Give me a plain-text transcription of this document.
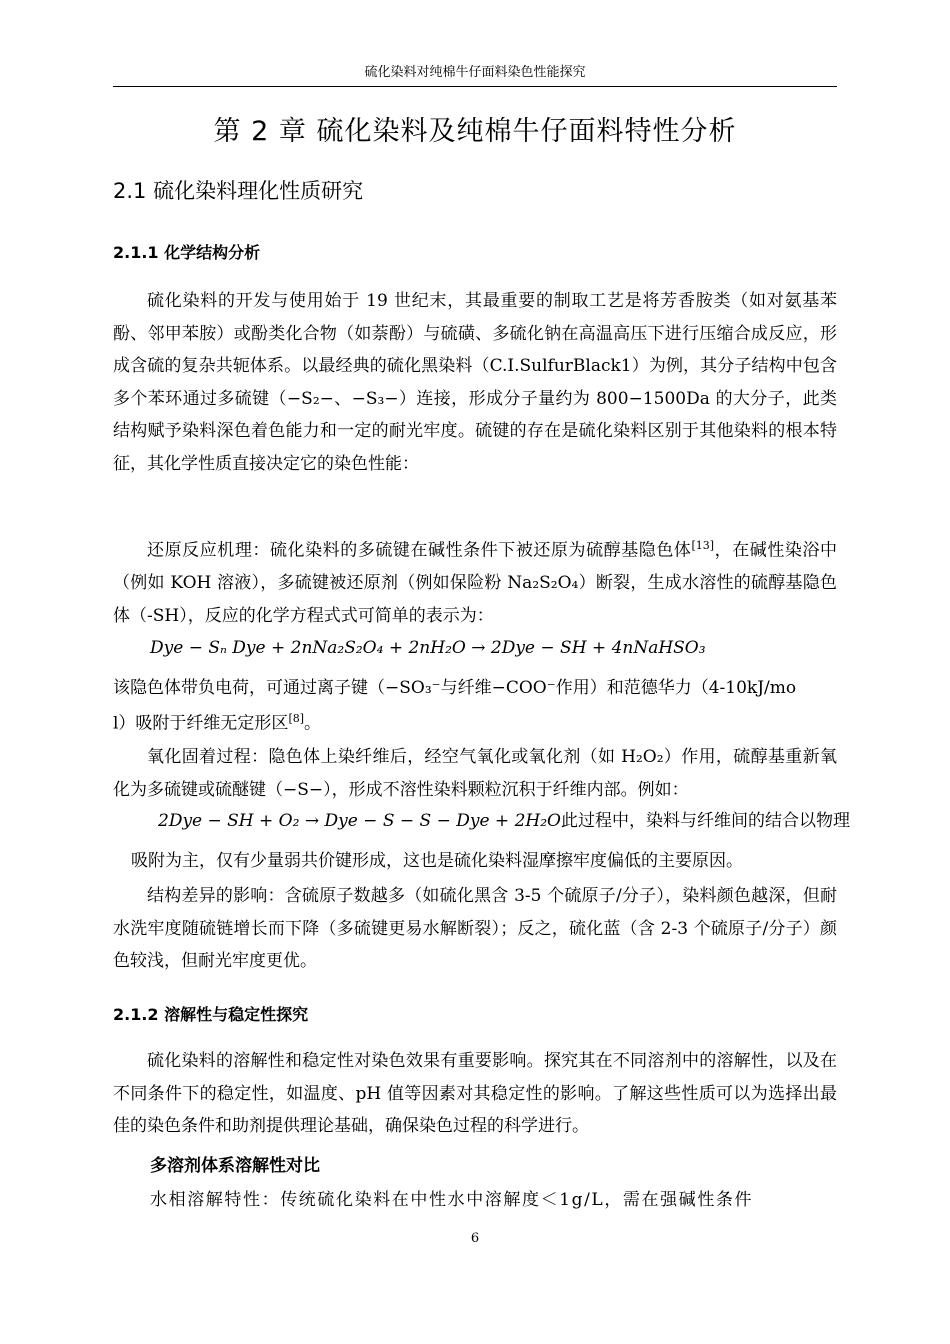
硫化染料对纯棉牛仔面料染色性能探究
第 2 章 硫化染料及纯棉牛仔面料特性分析
2.1 硫化染料理化性质研究
2.1.1 化学结构分析
硫化染料的开发与使用始于 19 世纪末，其最重要的制取工艺是将芳香胺类（如对氨基苯酚、邻甲苯胺）或酚类化合物（如萘酚）与硫磺、多硫化钠在高温高压下进行压缩合成反应，形成含硫的复杂共轭体系。以最经典的硫化黑染料（C.I.SulfurBlack1）为例，其分子结构中包含多个苯环通过多硫键（−S₂−、−S₃−）连接，形成分子量约为 800−1500Da 的大分子，此类结构赋予染料深色着色能力和一定的耐光牢度。硫键的存在是硫化染料区别于其他染料的根本特征，其化学性质直接决定它的染色性能：
还原反应机理：硫化染料的多硫键在碱性条件下被还原为硫醇基隐色体[13]，在碱性染浴中（例如 KOH 溶液），多硫键被还原剂（例如保险粉 Na₂S₂O₄）断裂，生成水溶性的硫醇基隐色体（-SH），反应的化学方程式式可简单的表示为：
Dye − Sₙ Dye + 2nNa₂S₂O₄ + 2nH₂O → 2Dye − SH + 4nNaHSO₃
该隐色体带负电荷，可通过离子键（−SO₃⁻与纤维−COO⁻作用）和范德华力（4-10kJ/mo
l）吸附于纤维无定形区[8]。
氧化固着过程：隐色体上染纤维后，经空气氧化或氧化剂（如 H₂O₂）作用，硫醇基重新氧化为多硫键或硫醚键（−S−），形成不溶性染料颗粒沉积于纤维内部。例如：
2Dye − SH + O₂ → Dye − S − S − Dye + 2H₂O此过程中，染料与纤维间的结合以物理
吸附为主，仅有少量弱共价键形成，这也是硫化染料湿摩擦牢度偏低的主要原因。
结构差异的影响：含硫原子数越多（如硫化黑含 3-5 个硫原子/分子），染料颜色越深，但耐水洗牢度随硫链增长而下降（多硫键更易水解断裂）；反之，硫化蓝（含 2-3 个硫原子/分子）颜色较浅，但耐光牢度更优。
2.1.2 溶解性与稳定性探究
硫化染料的溶解性和稳定性对染色效果有重要影响。探究其在不同溶剂中的溶解性，以及在不同条件下的稳定性，如温度、pH 值等因素对其稳定性的影响。了解这些性质可以为选择出最佳的染色条件和助剂提供理论基础，确保染色过程的科学进行。
多溶剂体系溶解性对比
水相溶解特性：传统硫化染料在中性水中溶解度＜1g/L，需在强碱性条件
6
